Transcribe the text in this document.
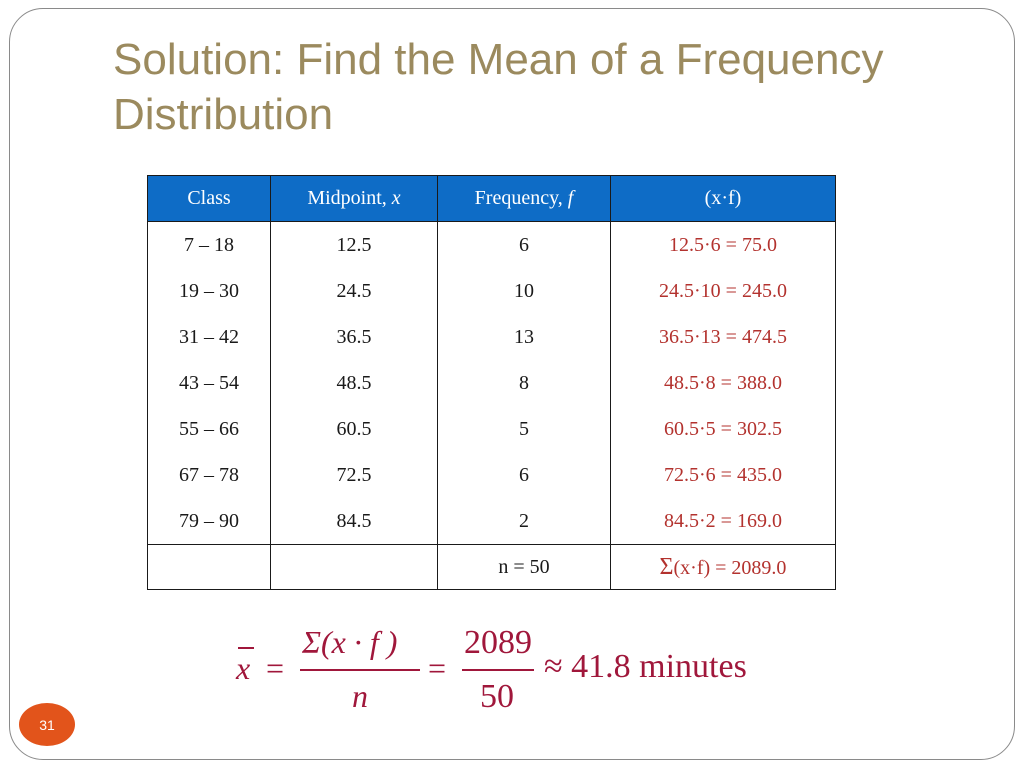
Solution: Find the Mean of a Frequency Distribution
Class	Midpoint, x	Frequency, f	(x·f)
7 – 18	12.5	6	12.5·6 = 75.0
19 – 30	24.5	10	24.5·10 = 245.0
31 – 42	36.5	13	36.5·13 = 474.5
43 – 54	48.5	8	48.5·8 = 388.0
55 – 66	60.5	5	60.5·5 = 302.5
67 – 78	72.5	6	72.5·6 = 435.0
79 – 90	84.5	2	84.5·2 = 169.0
		n = 50	Σ(x·f) = 2089.0
x =
Σ(x · f )
n
=
2089
50
≈ 41.8 minutes
31
